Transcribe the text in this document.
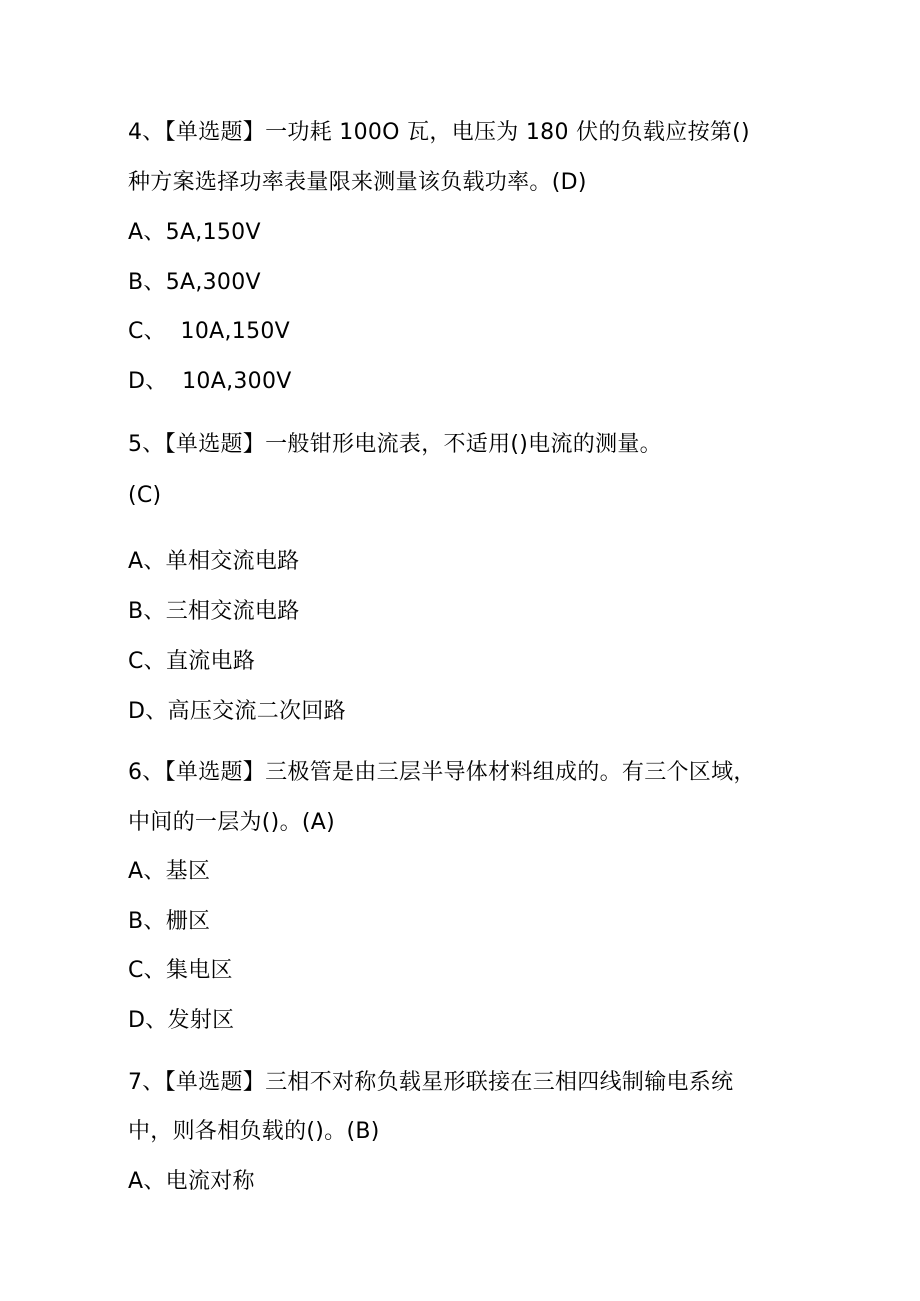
4、【单选题】一功耗 100O 瓦，电压为 180 伏的负载应按第()
种方案选择功率表量限来测量该负载功率。(D)
A、5A,150V
B、5A,300V
C、  10A,150V
D、  10A,300V
5、【单选题】一般钳形电流表，不适用()电流的测量。
(C)
A、单相交流电路
B、三相交流电路
C、直流电路
D、高压交流二次回路
6、【单选题】三极管是由三层半导体材料组成的。有三个区域，
中间的一层为()。(A)
A、基区
B、栅区
C、集电区
D、发射区
7、【单选题】三相不对称负载星形联接在三相四线制输电系统
中，则各相负载的()。(B)
A、电流对称
